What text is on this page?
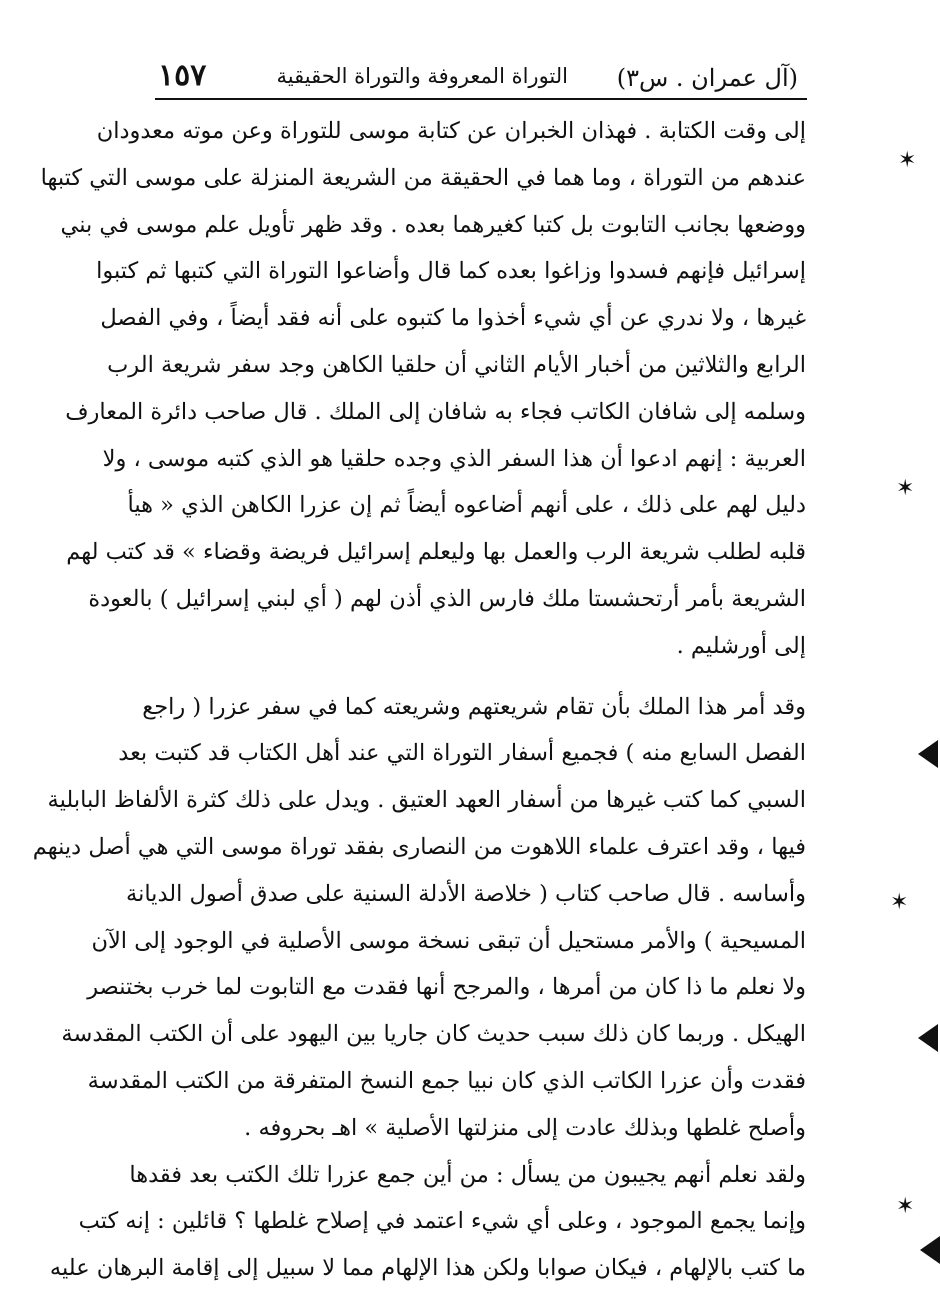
(آل عمران . س٣)
التوراة المعروفة والتوراة الحقيقية
١٥٧
إلى وقت الكتابة . فهذان الخبران عن كتابة موسى للتوراة وعن موته معدودان
عندهم من التوراة ، وما هما في الحقيقة من الشريعة المنزلة على موسى التي كتبها
ووضعها بجانب التابوت بل كتبا كغيرهما بعده . وقد ظهر تأويل علم موسى في بني
إسرائيل فإنهم فسدوا وزاغوا بعده كما قال وأضاعوا التوراة التي كتبها ثم كتبوا
غيرها ، ولا ندري عن أي شيء أخذوا ما كتبوه على أنه فقد أيضاً ، وفي الفصل
الرابع والثلاثين من أخبار الأيام الثاني أن حلقيا الكاهن وجد سفر شريعة الرب
وسلمه إلى شافان الكاتب فجاء به شافان إلى الملك . قال صاحب دائرة المعارف
العربية : إنهم ادعوا أن هذا السفر الذي وجده حلقيا هو الذي كتبه موسى ، ولا
دليل لهم على ذلك ، على أنهم أضاعوه أيضاً ثم إن عزرا الكاهن الذي « هيأ
قلبه لطلب شريعة الرب والعمل بها وليعلم إسرائيل فريضة وقضاء » قد كتب لهم
الشريعة بأمر أرتحشستا ملك فارس الذي أذن لهم ( أي لبني إسرائيل ) بالعودة
إلى أورشليم .
وقد أمر هذا الملك بأن تقام شريعتهم وشريعته كما في سفر عزرا ( راجع
الفصل السابع منه ) فجميع أسفار التوراة التي عند أهل الكتاب قد كتبت بعد
السبي كما كتب غيرها من أسفار العهد العتيق . ويدل على ذلك كثرة الألفاظ البابلية
فيها ، وقد اعترف علماء اللاهوت من النصارى بفقد توراة موسى التي هي أصل دينهم
وأساسه . قال صاحب كتاب ( خلاصة الأدلة السنية على صدق أصول الديانة
المسيحية ) والأمر مستحيل أن تبقى نسخة موسى الأصلية في الوجود إلى الآن
ولا نعلم ما ذا كان من أمرها ، والمرجح أنها فقدت مع التابوت لما خرب بختنصر
الهيكل . وربما كان ذلك سبب حديث كان جاريا بين اليهود على أن الكتب المقدسة
فقدت وأن عزرا الكاتب الذي كان نبيا جمع النسخ المتفرقة من الكتب المقدسة
وأصلح غلطها وبذلك عادت إلى منزلتها الأصلية » اهـ بحروفه .
ولقد نعلم أنهم يجيبون من يسأل : من أين جمع عزرا تلك الكتب بعد فقدها
وإنما يجمع الموجود ، وعلى أي شيء اعتمد في إصلاح غلطها ؟ قائلين : إنه كتب
ما كتب بالإلهام ، فيكان صوابا ولكن هذا الإلهام مما لا سبيل إلى إقامة البرهان عليه
✶
✶
✶
✶
